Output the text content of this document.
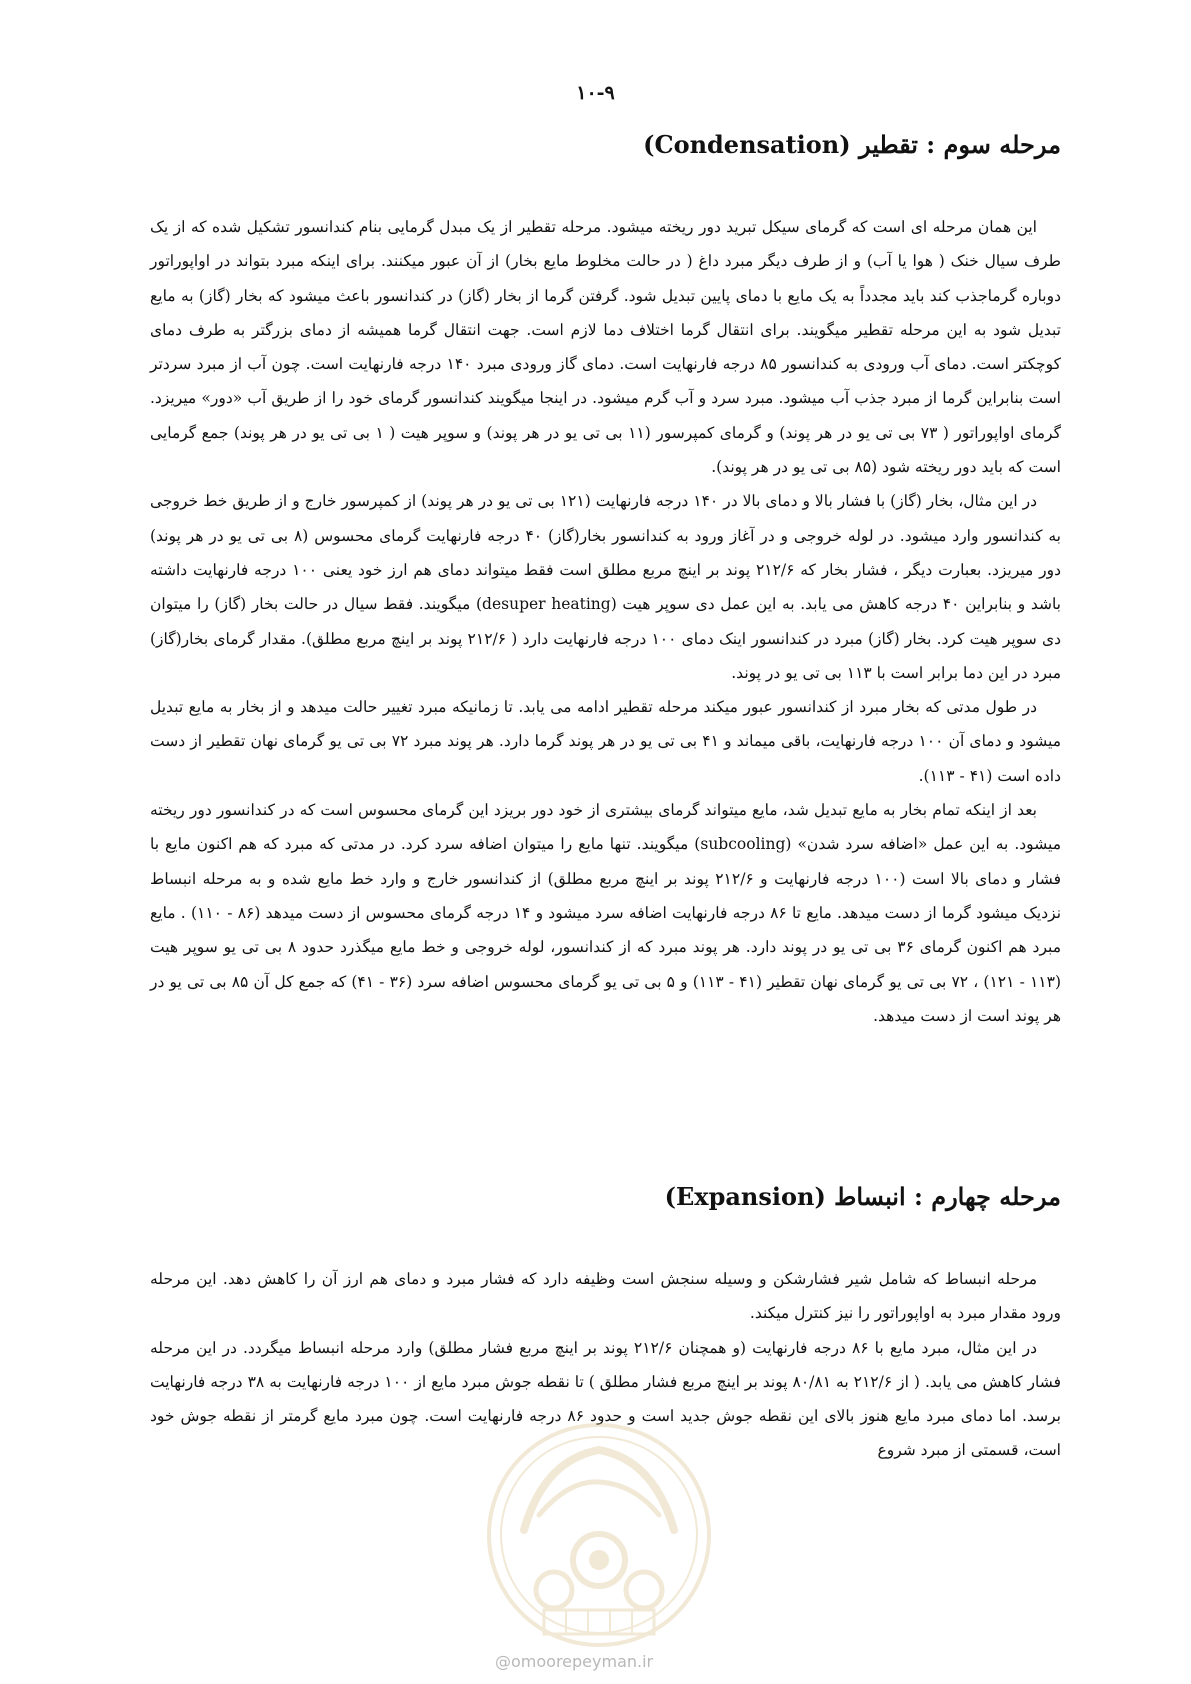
۱۰-۹
مرحله سوم : تقطیر (Condensation)

این همان مرحله ای است که گرمای سیکل تبرید دور ریخته میشود. مرحله تقطیر از یک مبدل گرمایی بنام کندانسور تشکیل شده که از یک طرف سیال خنک ( هوا یا آب) و از طرف دیگر مبرد داغ ( در حالت مخلوط مایع بخار) از آن عبور میکنند. برای اینکه مبرد بتواند در اواپوراتور دوباره گرماجذب کند باید مجدداً به یک مایع با دمای پایین تبدیل شود. گرفتن گرما از بخار (گاز) در کندانسور باعث میشود که بخار (گاز) به مایع تبدیل شود به این مرحله تقطیر میگویند. برای انتقال گرما اختلاف دما لازم است. جهت انتقال گرما همیشه از دمای بزرگتر به طرف دمای کوچکتر است. دمای آب ورودی به کندانسور ۸۵ درجه فارنهایت است. دمای گاز ورودی مبرد ۱۴۰ درجه فارنهایت است. چون آب از مبرد سردتر است بنابراین گرما از مبرد جذب آب میشود. مبرد سرد و آب گرم میشود. در اینجا میگویند کندانسور گرمای خود را از طریق آب «دور» میریزد. گرمای اواپوراتور ( ۷۳ بی تی یو در هر پوند) و گرمای کمپرسور (۱۱ بی تی یو در هر پوند) و سوپر هیت ( ۱ بی تی یو در هر پوند) جمع گرمایی است که باید دور ریخته شود (۸۵ بی تی یو در هر پوند).

در این مثال، بخار (گاز) با فشار بالا و دمای بالا در ۱۴۰ درجه فارنهایت (۱۲۱ بی تی یو در هر پوند) از کمپرسور خارج و از طریق خط خروجی به کندانسور وارد میشود. در لوله خروجی و در آغاز ورود به کندانسور بخار(گاز) ۴۰ درجه فارنهایت گرمای محسوس (۸ بی تی یو در هر پوند) دور میریزد. بعبارت دیگر ، فشار بخار که ۲۱۲/۶ پوند بر اینچ مربع مطلق است فقط میتواند دمای هم ارز خود یعنی ۱۰۰ درجه فارنهایت داشته باشد و بنابراین ۴۰ درجه کاهش می یابد. به این عمل دی سوپر هیت (desuper heating) میگویند. فقط سیال در حالت بخار (گاز) را میتوان دی سوپر هیت کرد. بخار (گاز) مبرد در کندانسور اینک دمای ۱۰۰ درجه فارنهایت دارد ( ۲۱۲/۶ پوند بر اینچ مربع مطلق). مقدار گرمای بخار(گاز) مبرد در این دما برابر است با ۱۱۳ بی تی یو در پوند.

در طول مدتی که بخار مبرد از کندانسور عبور میکند مرحله تقطیر ادامه می یابد. تا زمانیکه مبرد تغییر حالت میدهد و از بخار به مایع تبدیل میشود و دمای آن ۱۰۰ درجه فارنهایت، باقی میماند و ۴۱ بی تی یو در هر پوند گرما دارد. هر پوند مبرد ۷۲ بی تی یو گرمای نهان تقطیر از دست داده است (۴۱ - ۱۱۳).

بعد از اینکه تمام بخار به مایع تبدیل شد، مایع میتواند گرمای بیشتری از خود دور بریزد این گرمای محسوس است که در کندانسور دور ریخته میشود. به این عمل «اضافه سرد شدن» (subcooling) میگویند. تنها مایع را میتوان اضافه سرد کرد. در مدتی که مبرد که هم اکنون مایع با فشار و دمای بالا است (۱۰۰ درجه فارنهایت و ۲۱۲/۶ پوند بر اینچ مربع مطلق) از کندانسور خارج و وارد خط مایع شده و به مرحله انبساط نزدیک میشود گرما از دست میدهد. مایع تا ۸۶ درجه فارنهایت اضافه سرد میشود و ۱۴ درجه گرمای محسوس از دست میدهد (۸۶ - ۱۱۰) . مایع مبرد هم اکنون گرمای ۳۶ بی تی یو در پوند دارد. هر پوند مبرد که از کندانسور، لوله خروجی و خط مایع میگذرد حدود ۸ بی تی یو سوپر هیت (۱۱۳ - ۱۲۱) ، ۷۲ بی تی یو گرمای نهان تقطیر (۴۱ - ۱۱۳) و ۵ بی تی یو گرمای محسوس اضافه سرد (۳۶ - ۴۱) که جمع کل آن ۸۵ بی تی یو در هر پوند است از دست میدهد.

مرحله چهارم : انبساط (Expansion)

مرحله انبساط که شامل شیر فشارشکن و وسیله سنجش است وظیفه دارد که فشار مبرد و دمای هم ارز آن را کاهش دهد. این مرحله ورود مقدار مبرد به اواپوراتور را نیز کنترل میکند.

در این مثال، مبرد مایع با ۸۶ درجه فارنهایت (و همچنان ۲۱۲/۶ پوند بر اینچ مربع فشار مطلق) وارد مرحله انبساط میگردد. در این مرحله فشار کاهش می یابد. ( از ۲۱۲/۶ به ۸۰/۸۱ پوند بر اینچ مربع فشار مطلق ) تا نقطه جوش مبرد مایع از ۱۰۰ درجه فارنهایت به ۳۸ درجه فارنهایت برسد. اما دمای مبرد مایع هنوز بالای این نقطه جوش جدید است و حدود ۸۶ درجه فارنهایت است. چون مبرد مایع گرمتر از نقطه جوش خود است، قسمتی از مبرد شروع

@omoorepeyman.ir
